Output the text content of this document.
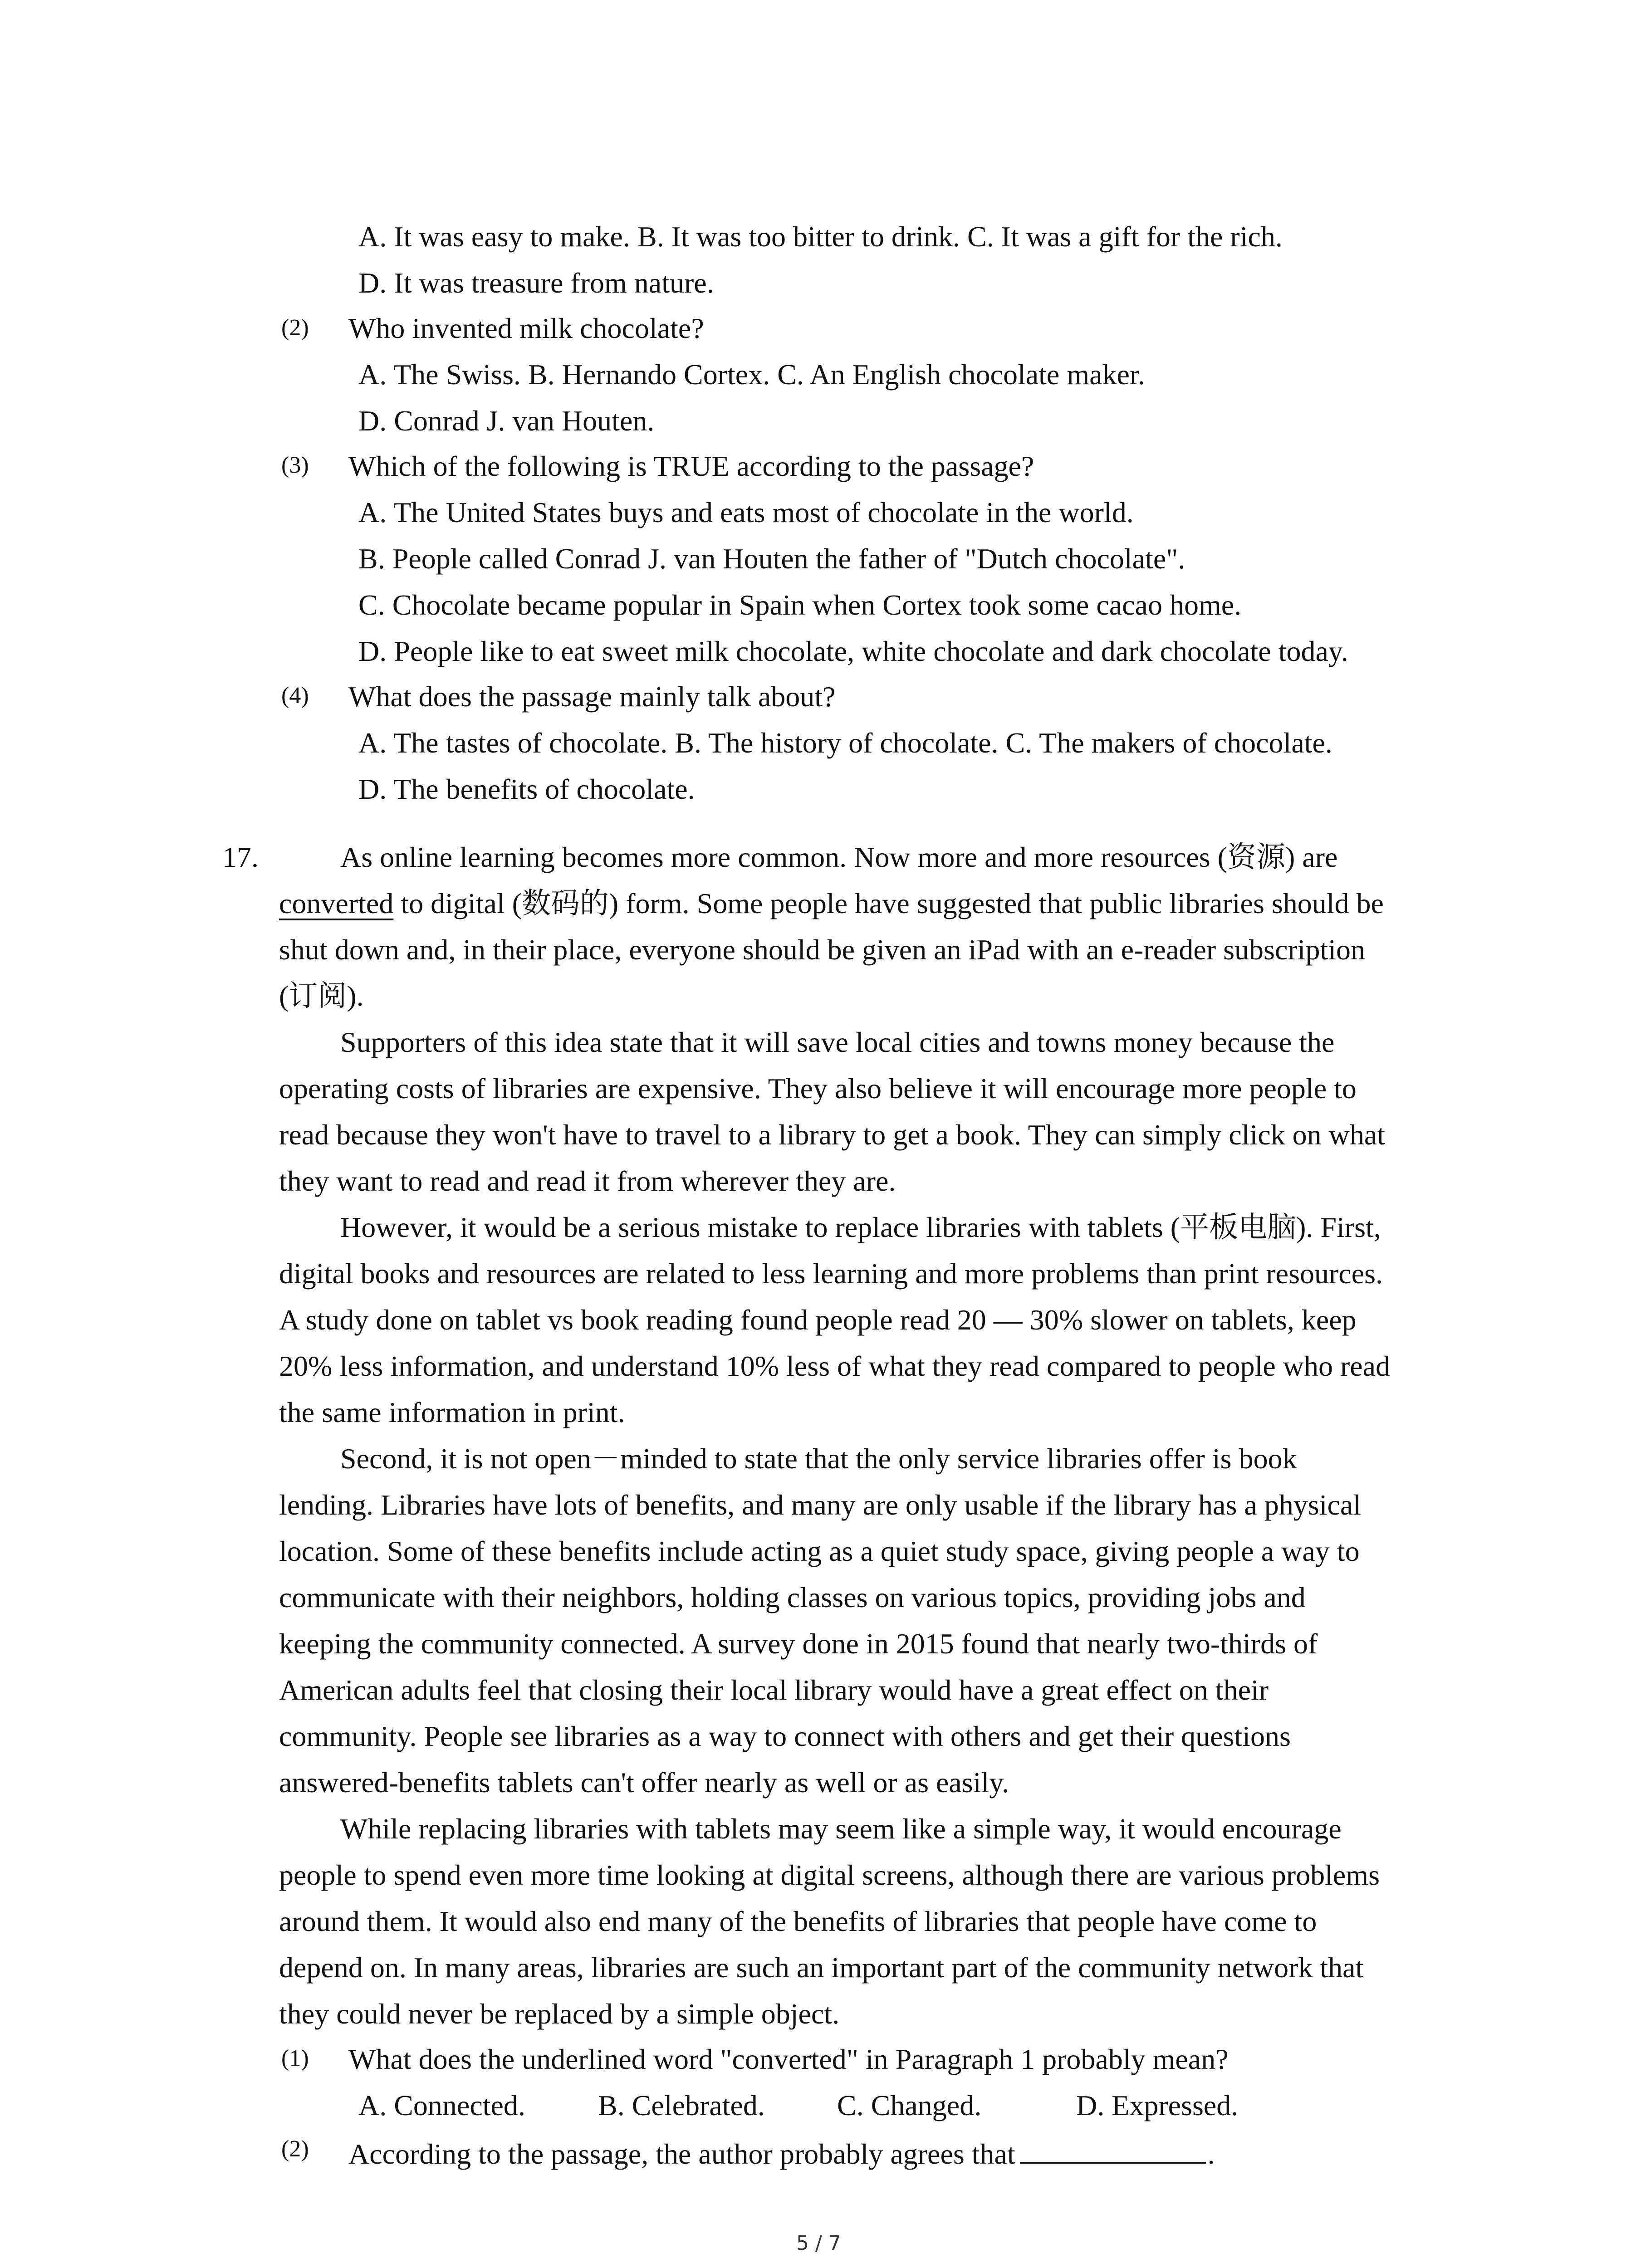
A. It was easy to make. B. It was too bitter to drink. C. It was a gift for the rich.
D. It was treasure from nature.
(2) Who invented milk chocolate?
A. The Swiss. B. Hernando Cortex. C. An English chocolate maker.
D. Conrad J. van Houten.
(3) Which of the following is TRUE according to the passage?
A. The United States buys and eats most of chocolate in the world.
B. People called Conrad J. van Houten the father of "Dutch chocolate".
C. Chocolate became popular in Spain when Cortex took some cacao home.
D. People like to eat sweet milk chocolate, white chocolate and dark chocolate today.
(4) What does the passage mainly talk about?
A. The tastes of chocolate. B. The history of chocolate. C. The makers of chocolate.
D. The benefits of chocolate.
17.	As online learning becomes more common. Now more and more resources (资源) are
converted to digital (数码的) form. Some people have suggested that public libraries should be
shut down and, in their place, everyone should be given an iPad with an e-reader subscription
(订阅).
Supporters of this idea state that it will save local cities and towns money because the
operating costs of libraries are expensive. They also believe it will encourage more people to
read because they won't have to travel to a library to get a book. They can simply click on what
they want to read and read it from wherever they are.
However, it would be a serious mistake to replace libraries with tablets (平板电脑). First,
digital books and resources are related to less learning and more problems than print resources.
A study done on tablet vs book reading found people read 20 — 30% slower on tablets, keep
20% less information, and understand 10% less of what they read compared to people who read
the same information in print.
Second, it is not open－minded to state that the only service libraries offer is book
lending. Libraries have lots of benefits, and many are only usable if the library has a physical
location. Some of these benefits include acting as a quiet study space, giving people a way to
communicate with their neighbors, holding classes on various topics, providing jobs and
keeping the community connected. A survey done in 2015 found that nearly two-thirds of
American adults feel that closing their local library would have a great effect on their
community. People see libraries as a way to connect with others and get their questions
answered-benefits tablets can't offer nearly as well or as easily.
While replacing libraries with tablets may seem like a simple way, it would encourage
people to spend even more time looking at digital screens, although there are various problems
around them. It would also end many of the benefits of libraries that people have come to
depend on. In many areas, libraries are such an important part of the community network that
they could never be replaced by a simple object.
(1) What does the underlined word "converted" in Paragraph 1 probably mean?
A. Connected.	B. Celebrated. C. Changed.	D. Expressed.
(2) According to the passage, the author probably agrees that	.
5 / 7
